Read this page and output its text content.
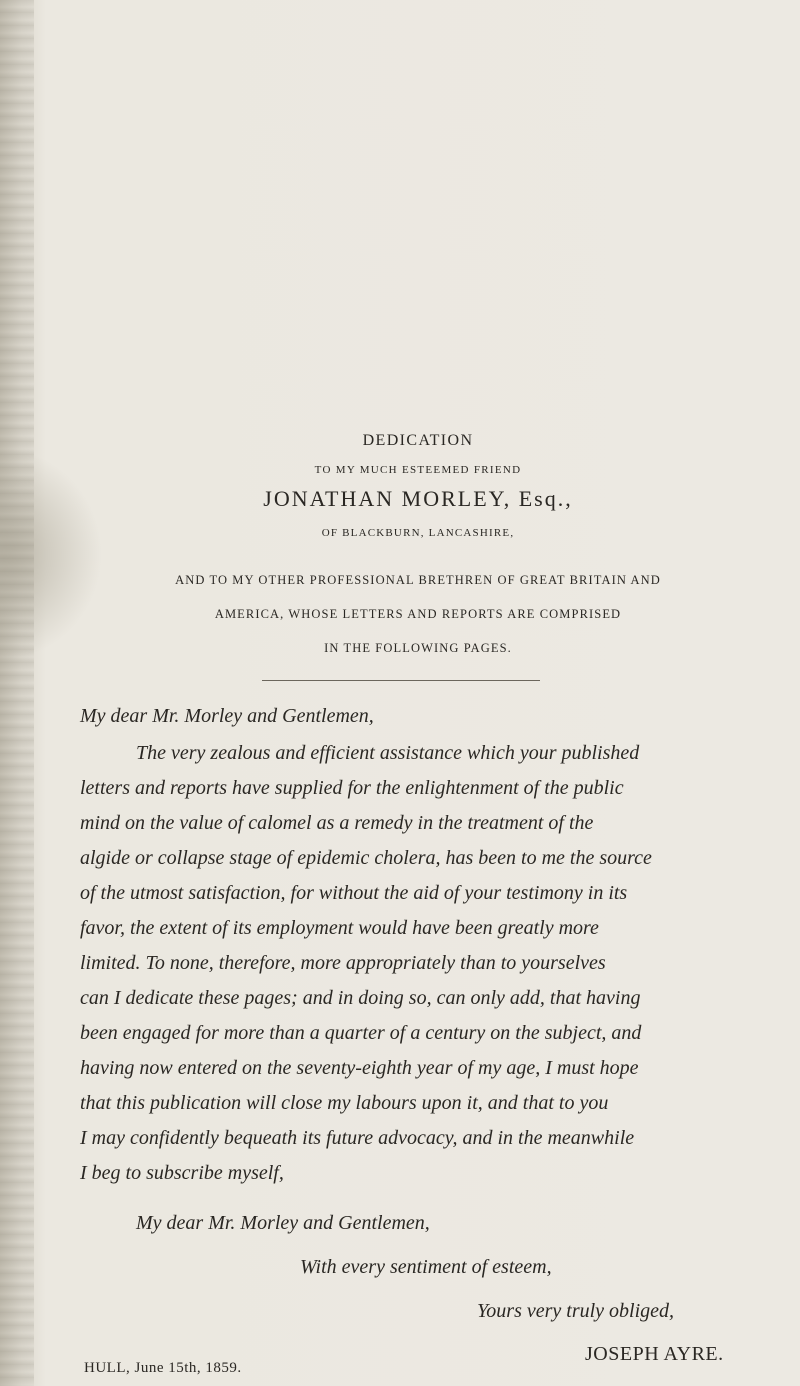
DEDICATION
TO MY MUCH ESTEEMED FRIEND
JONATHAN MORLEY, Esq.,
OF BLACKBURN, LANCASHIRE,
AND TO MY OTHER PROFESSIONAL BRETHREN OF GREAT BRITAIN AND
AMERICA, WHOSE LETTERS AND REPORTS ARE COMPRISED
IN THE FOLLOWING PAGES.
My dear Mr. Morley and Gentlemen,
The very zealous and efficient assistance which your published
letters and reports have supplied for the enlightenment of the public
mind on the value of calomel as a remedy in the treatment of the
algide or collapse stage of epidemic cholera, has been to me the source
of the utmost satisfaction, for without the aid of your testimony in its
favor, the extent of its employment would have been greatly more
limited. To none, therefore, more appropriately than to yourselves
can I dedicate these pages; and in doing so, can only add, that having
been engaged for more than a quarter of a century on the subject, and
having now entered on the seventy-eighth year of my age, I must hope
that this publication will close my labours upon it, and that to you
I may confidently bequeath its future advocacy, and in the meanwhile
I beg to subscribe myself,
My dear Mr. Morley and Gentlemen,
With every sentiment of esteem,
Yours very truly obliged,
JOSEPH AYRE.
HULL, June 15th, 1859.
